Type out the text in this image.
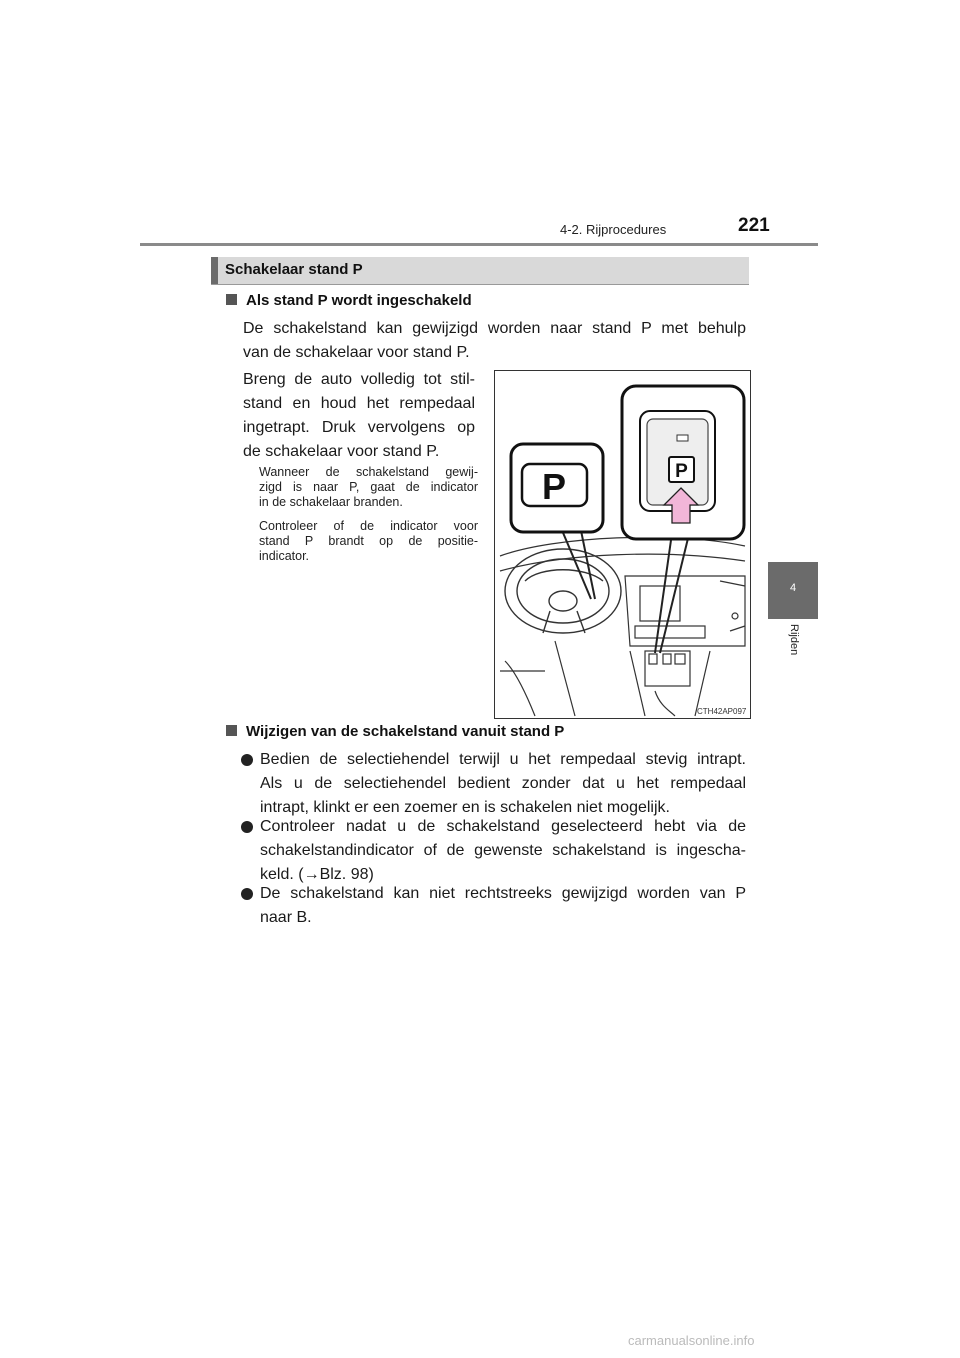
4-2. Rijprocedures	221
4
Rijden
Schakelaar stand P
Als stand P wordt ingeschakeld
De schakelstand kan gewijzigd worden naar stand P met behulp
van de schakelaar voor stand P.
Breng de auto volledig tot stil-
stand en houd het rempedaal
ingetrapt. Druk vervolgens op
de schakelaar voor stand P.
Wanneer de schakelstand gewij-
zigd is naar P, gaat de indicator
in de schakelaar branden.
Controleer of de indicator voor
stand P brandt op de positie-
indicator.
P	P
CTH42AP097
Wijzigen van de schakelstand vanuit stand P
Bedien de selectiehendel terwijl u het rempedaal stevig intrapt.
Als u de selectiehendel bedient zonder dat u het rempedaal
intrapt, klinkt er een zoemer en is schakelen niet mogelijk.
Controleer nadat u de schakelstand geselecteerd hebt via de
schakelstandindicator of de gewenste schakelstand is ingescha-
keld. (→Blz. 98)
De schakelstand kan niet rechtstreeks gewijzigd worden van P
naar B.
carmanualsonline.info
